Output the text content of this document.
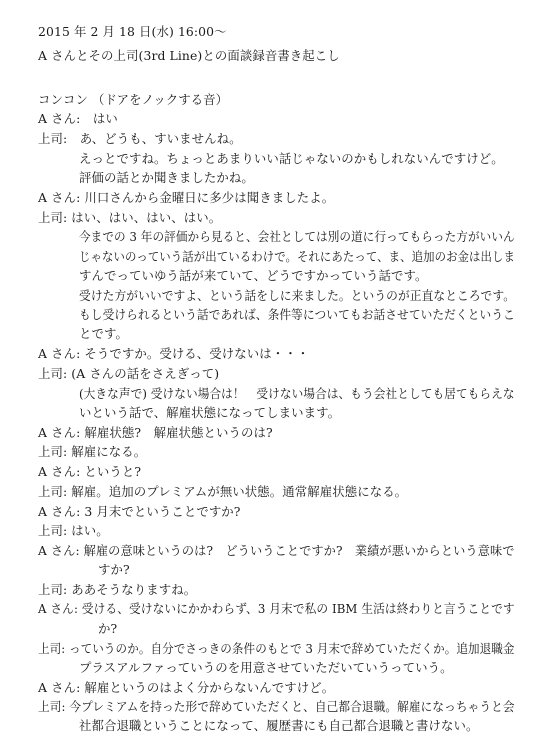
2015 年 2 月 18 日(水) 16:00～
A さんとその上司(3rd Line)との面談録音書き起こし
コンコン （ドアをノックする音）
A さん:　はい
上司:　あ、どうも、すいませんね。
えっとですね。ちょっとあまりいい話じゃないのかもしれないんですけど。
評価の話とか聞きましたかね。
A さん: 川口さんから金曜日に多少は聞きましたよ。
上司: はい、はい、はい、はい。
今までの 3 年の評価から見ると、会社としては別の道に行ってもらった方がいいん
じゃないのっていう話が出ているわけで。それにあたって、ま、追加のお金は出しま
すんでっていゆう話が来ていて、どうですかっていう話です。
受けた方がいいですよ、という話をしに来ました。というのが正直なところです。
もし受けられるという話であれば、条件等についてもお話させていただくというこ
とです。
A さん: そうですか。受ける、受けないは・・・
上司: (A さんの話をさえぎって)
(大きな声で) 受けない場合は！　受けない場合は、もう会社としても居てもらえな
いという話で、解雇状態になってしまいます。
A さん: 解雇状態?　解雇状態というのは?
上司: 解雇になる。
A さん: というと?
上司: 解雇。追加のプレミアムが無い状態。通常解雇状態になる。
A さん: 3 月末でということですか?
上司: はい。
A さん: 解雇の意味というのは?　どういうことですか?　業績が悪いからという意味で
すか?
上司: ああそうなりますね。
A さん: 受ける、受けないにかかわらず、3 月末で私の IBM 生活は終わりと言うことです
か?
上司: っていうのか。自分でさっきの条件のもとで 3 月末で辞めていただくか。追加退職金
プラスアルファっていうのを用意させていただいていうっていう。
A さん: 解雇というのはよく分からないんですけど。
上司: 今プレミアムを持った形で辞めていただくと、自己都合退職。解雇になっちゃうと会
社都合退職ということになって、履歴書にも自己都合退職と書けない。
